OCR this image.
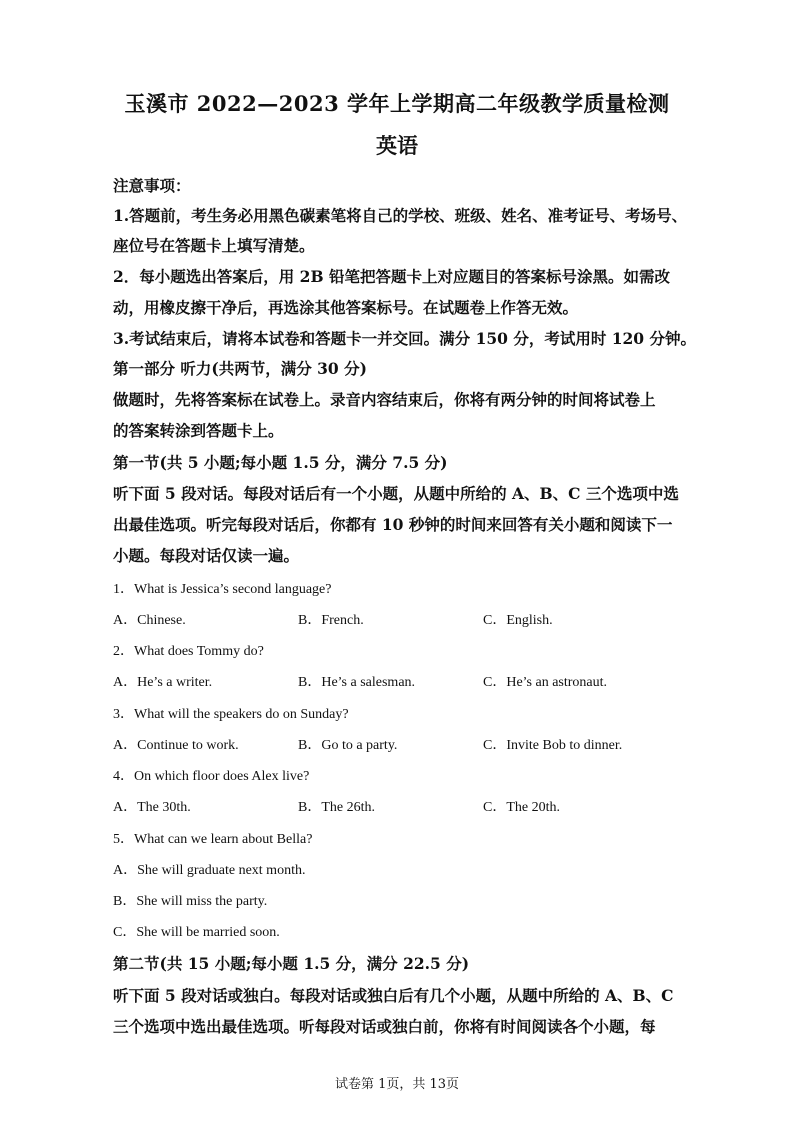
玉溪市 2022—2023 学年上学期高二年级教学质量检测
英语
注意事项：
1.答题前，考生务必用黑色碳素笔将自己的学校、班级、姓名、准考证号、考场号、
座位号在答题卡上填写清楚。
2．每小题选出答案后，用 2B 铅笔把答题卡上对应题目的答案标号涂黑。如需改
动，用橡皮擦干净后，再选涂其他答案标号。在试题卷上作答无效。
3.考试结束后，请将本试卷和答题卡一并交回。满分 150 分，考试用时 120 分钟。
第一部分 听力(共两节，满分 30 分)
做题时，先将答案标在试卷上。录音内容结束后，你将有两分钟的时间将试卷上
的答案转涂到答题卡上。
第一节(共 5 小题;每小题 1.5 分，满分 7.5 分)
听下面 5 段对话。每段对话后有一个小题，从题中所给的 A、B、C 三个选项中选
出最佳选项。听完每段对话后，你都有 10 秒钟的时间来回答有关小题和阅读下一
小题。每段对话仅读一遍。
1．What is Jessica’s second language?
A．Chinese.	B．French.	C．English.
2．What does Tommy do?
A．He’s a writer.	B．He’s a salesman.	C．He’s an astronaut.
3．What will the speakers do on Sunday?
A．Continue to work.	B．Go to a party.	C．Invite Bob to dinner.
4．On which floor does Alex live?
A．The 30th.	B．The 26th.	C．The 20th.
5．What can we learn about Bella?
A．She will graduate next month.
B．She will miss the party.
C．She will be married soon.
第二节(共 15 小题;每小题 1.5 分，满分 22.5 分)
听下面 5 段对话或独白。每段对话或独白后有几个小题，从题中所给的 A、B、C
三个选项中选出最佳选项。听每段对话或独白前，你将有时间阅读各个小题，每
试卷第 1页，共 13页
